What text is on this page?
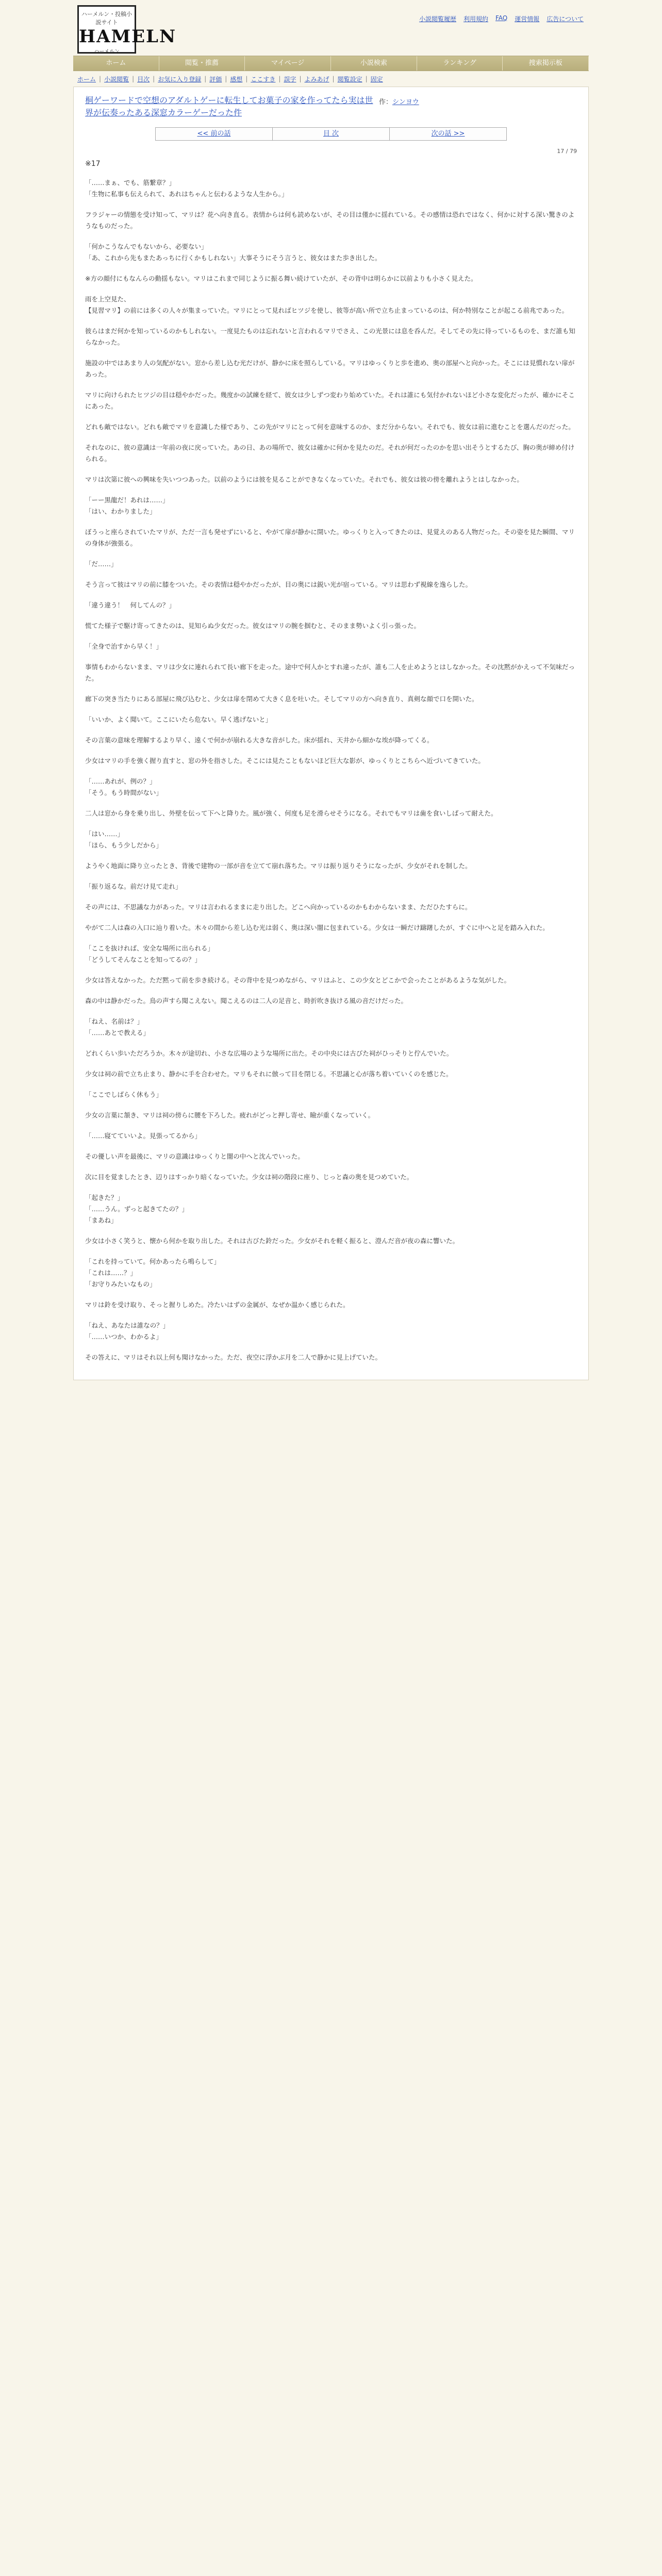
ハーメルン・投稿小説サイト
HAMELN
ハーメルン
小説閲覧履歴 利用規約 FAQ 運営情報 広告について
ホーム	閲覧・推薦	マイページ	小説検索	ランキング	捜索掲示板
ホーム | 小説閲覧 | 目次 | お気に入り登録 | 評価 | 感想 | ここすき | 誤字 | よみあげ | 閲覧設定 | 固定
桐ゲーワードで空想のアダルトゲーに転生してお菓子の家を作ってたら実は世界が伝奏ったある深窓カラーゲーだった件
作：シンヨウ
<< 前の話	目 次	次の話 >>
17 / 79
※17

「……まぁ、でも、筋繋章？」
「生物に私事も伝えられて、あれはちゃんと伝わるような人生から。」

フラジャーの情態を受け知って、マリは？花へ向き直る。表情からは何も読めないが、その目は僅かに揺れている。その感情は恐れではなく、何かに対する深い驚きのようなものだった。

「何かこうなんでもないから、必要ない」
「あ、これから先もまたあっちに行くかもしれない」大事そうにそう言うと、彼女はまた歩き出した。

※方の顔付にもなんらの動揺もない。マリはこれまで同じように振る舞い続けていたが、その背中は明らかに以前よりも小さく見えた。

雨を上空見た、
【見習マリ】の前には多くの人々が集まっていた。マリにとって見ればヒツジを使し、彼等が高い所で立ち止まっているのは、何か特別なことが起こる前兆であった。

彼らはまだ何かを知っているのかもしれない。一度見たものは忘れないと言われるマリでさえ、この光景には息を呑んだ。そしてその先に待っているものを、まだ誰も知らなかった。

施設の中ではあまり人の気配がない。窓から差し込む光だけが、静かに床を照らしている。マリはゆっくりと歩を進め、奥の部屋へと向かった。そこには見慣れない扉があった。

マリに向けられたヒツジの目は穏やかだった。幾度かの試練を経て、彼女は少しずつ変わり始めていた。それは誰にも気付かれないほど小さな変化だったが、確かにそこにあった。

どれも敵ではない。どれも敵でマリを意識した様であり、この先がマリにとって何を意味するのか、まだ分からない。それでも、彼女は前に進むことを選んだのだった。

それなのに、彼の意識は一年前の夜に戻っていた。あの日、あの場所で、彼女は確かに何かを見たのだ。それが何だったのかを思い出そうとするたび、胸の奥が締め付けられる。

マリは次第に彼への興味を失いつつあった。以前のようには彼を見ることができなくなっていた。それでも、彼女は彼の傍を離れようとはしなかった。

「ーー黒龍だ！あれは……」
「はい、わかりました」

ぼうっと座らされていたマリが、ただ一言も発せずにいると、やがて扉が静かに開いた。ゆっくりと入ってきたのは、見覚えのある人物だった。その姿を見た瞬間、マリの身体が強張る。

「だ……」

そう言って彼はマリの前に膝をついた。その表情は穏やかだったが、目の奥には鋭い光が宿っている。マリは思わず視線を逸らした。

「違う違う！　何してんの？」

慌てた様子で駆け寄ってきたのは、見知らぬ少女だった。彼女はマリの腕を掴むと、そのまま勢いよく引っ張った。

「全身で治すから早く！」

事情もわからないまま、マリは少女に連れられて長い廊下を走った。途中で何人かとすれ違ったが、誰も二人を止めようとはしなかった。その沈黙がかえって不気味だった。

廊下の突き当たりにある部屋に飛び込むと、少女は扉を閉めて大きく息を吐いた。そしてマリの方へ向き直り、真剣な顔で口を開いた。

「いいか、よく聞いて。ここにいたら危ない。早く逃げないと」

その言葉の意味を理解するより早く、遠くで何かが崩れる大きな音がした。床が揺れ、天井から細かな埃が降ってくる。

少女はマリの手を強く握り直すと、窓の外を指さした。そこには見たこともないほど巨大な影が、ゆっくりとこちらへ近づいてきていた。

「……あれが、例の？」
「そう。もう時間がない」

二人は窓から身を乗り出し、外壁を伝って下へと降りた。風が強く、何度も足を滑らせそうになる。それでもマリは歯を食いしばって耐えた。

「はい……」
「ほら、もう少しだから」

ようやく地面に降り立ったとき、背後で建物の一部が音を立てて崩れ落ちた。マリは振り返りそうになったが、少女がそれを制した。

「振り返るな。前だけ見て走れ」

その声には、不思議な力があった。マリは言われるままに走り出した。どこへ向かっているのかもわからないまま、ただひたすらに。

やがて二人は森の入口に辿り着いた。木々の間から差し込む光は弱く、奥は深い闇に包まれている。少女は一瞬だけ躊躇したが、すぐに中へと足を踏み入れた。

「ここを抜ければ、安全な場所に出られる」
「どうしてそんなことを知ってるの？」

少女は答えなかった。ただ黙って前を歩き続ける。その背中を見つめながら、マリはふと、この少女とどこかで会ったことがあるような気がした。

森の中は静かだった。鳥の声すら聞こえない。聞こえるのは二人の足音と、時折吹き抜ける風の音だけだった。

「ねえ、名前は？」
「……あとで教える」

どれくらい歩いただろうか。木々が途切れ、小さな広場のような場所に出た。その中央には古びた祠がひっそりと佇んでいた。

少女は祠の前で立ち止まり、静かに手を合わせた。マリもそれに倣って目を閉じる。不思議と心が落ち着いていくのを感じた。

「ここでしばらく休もう」

少女の言葉に頷き、マリは祠の傍らに腰を下ろした。疲れがどっと押し寄せ、瞼が重くなっていく。

「……寝てていいよ。見張ってるから」

その優しい声を最後に、マリの意識はゆっくりと闇の中へと沈んでいった。

次に目を覚ましたとき、辺りはすっかり暗くなっていた。少女は祠の階段に座り、じっと森の奥を見つめていた。

「起きた？」
「……うん。ずっと起きてたの？」
「まあね」

少女は小さく笑うと、懐から何かを取り出した。それは古びた鈴だった。少女がそれを軽く振ると、澄んだ音が夜の森に響いた。

「これを持っていて。何かあったら鳴らして」
「これは……？」
「お守りみたいなもの」

マリは鈴を受け取り、そっと握りしめた。冷たいはずの金属が、なぜか温かく感じられた。

「ねえ、あなたは誰なの？」
「……いつか、わかるよ」

その答えに、マリはそれ以上何も聞けなかった。ただ、夜空に浮かぶ月を二人で静かに見上げていた。
